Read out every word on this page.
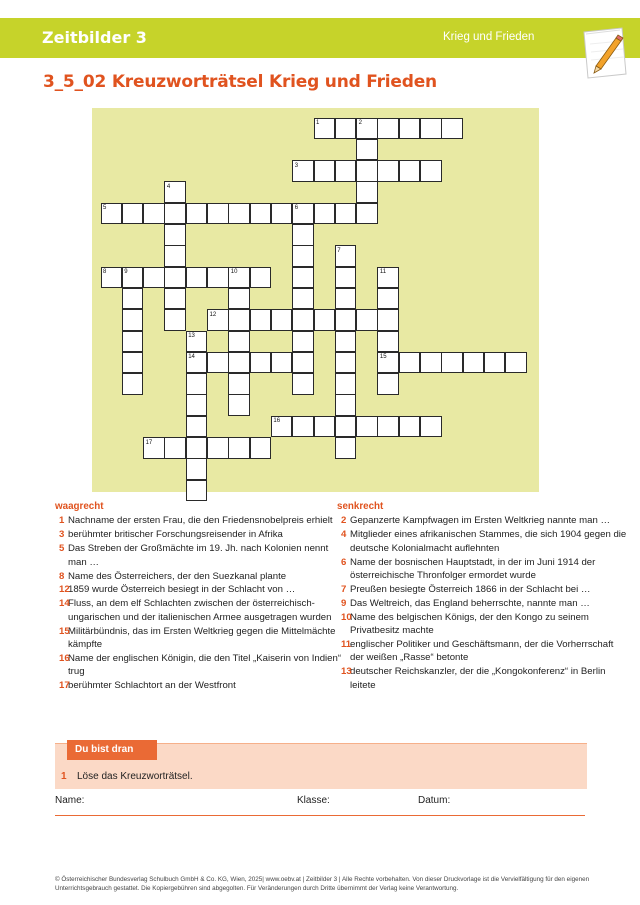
Zeitbilder 3	Krieg und Frieden
3_5_02 Kreuzworträtsel Krieg und Frieden
1
3
5
8
12
14	15
16
17
2
4
6
7
9	10	11
13
waagrecht
1 Nachname der ersten Frau, die den Friedensnobelpreis erhielt
3 berühmter britischer Forschungsreisender in Afrika
5 Das Streben der Großmächte im 19. Jh. nach Kolonien nennt man …
8 Name des Österreichers, der den Suezkanal plante
12
1859 wurde Österreich besiegt in der Schlacht von …
14
Fluss, an dem elf Schlachten zwischen der österreichisch-ungarischen und der italienischen Armee ausgetragen wurden
15
Militärbündnis, das im Ersten Weltkrieg gegen die Mittelmächte kämpfte
16
Name der englischen Königin, die den Titel „Kaiserin von Indien“ trug
17
berühmter Schlachtort an der Westfront
senkrecht
2 Gepanzerte Kampfwagen im Ersten Weltkrieg nannte man …
4 Mitglieder eines afrikanischen Stammes, die sich 1904 gegen die deutsche Kolonialmacht auflehnten
6 Name der bosnischen Hauptstadt, in der im Juni 1914 der österreichische Thronfolger ermordet wurde
7 Preußen besiegte Österreich 1866 in der Schlacht bei …
9 Das Weltreich, das England beherrschte, nannte man …
10
Name des belgischen Königs, der den Kongo zu seinem Privatbesitz machte
11
englischer Politiker und Geschäftsmann, der die Vorherrschaft der weißen „Rasse“ betonte
13
deutscher Reichskanzler, der die „Kongokonferenz“ in Berlin leitete
Du bist dran
1 Löse das Kreuzworträtsel.
Name:	Klasse:	Datum:
© Österreichischer Bundesverlag Schulbuch GmbH & Co. KG, Wien, 2025| www.oebv.at | Zeitbilder 3 | Alle Rechte vorbehalten. Von dieser Druckvorlage ist die Vervielfältigung für den eigenen
Unterrichtsgebrauch gestattet. Die Kopiergebühren sind abgegolten. Für Veränderungen durch Dritte übernimmt der Verlag keine Verantwortung.
